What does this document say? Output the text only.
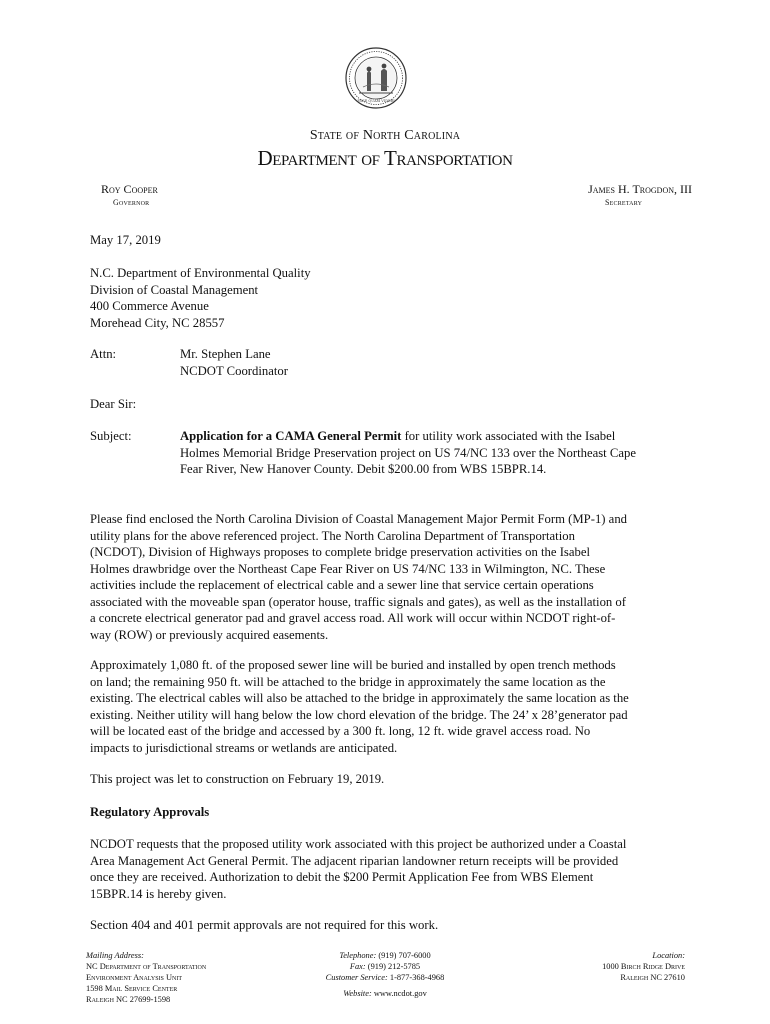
ESSE QUAM VIDERI
State of North Carolina
Department of Transportation
Roy Cooper
Governor
James H. Trogdon, III
Secretary
May 17, 2019
N.C. Department of Environmental Quality
Division of Coastal Management
400 Commerce Avenue
Morehead City, NC 28557
Attn:	Mr. Stephen Lane
NCDOT Coordinator
Dear Sir:
Subject:	Application for a CAMA General Permit for utility work associated with the Isabel
Holmes Memorial Bridge Preservation project on US 74/NC 133 over the Northeast Cape
Fear River, New Hanover County. Debit $200.00 from WBS 15BPR.14.
Please find enclosed the North Carolina Division of Coastal Management Major Permit Form (MP-1) and
utility plans for the above referenced project. The North Carolina Department of Transportation
(NCDOT), Division of Highways proposes to complete bridge preservation activities on the Isabel
Holmes drawbridge over the Northeast Cape Fear River on US 74/NC 133 in Wilmington, NC. These
activities include the replacement of electrical cable and a sewer line that service certain operations
associated with the moveable span (operator house, traffic signals and gates), as well as the installation of
a concrete electrical generator pad and gravel access road. All work will occur within NCDOT right-of-
way (ROW) or previously acquired easements.
Approximately 1,080 ft. of the proposed sewer line will be buried and installed by open trench methods
on land; the remaining 950 ft. will be attached to the bridge in approximately the same location as the
existing. The electrical cables will also be attached to the bridge in approximately the same location as the
existing. Neither utility will hang below the low chord elevation of the bridge. The 24’ x 28’generator pad
will be located east of the bridge and accessed by a 300 ft. long, 12 ft. wide gravel access road. No
impacts to jurisdictional streams or wetlands are anticipated.
This project was let to construction on February 19, 2019.
Regulatory Approvals
NCDOT requests that the proposed utility work associated with this project be authorized under a Coastal
Area Management Act General Permit. The adjacent riparian landowner return receipts will be provided
once they are received. Authorization to debit the $200 Permit Application Fee from WBS Element
15BPR.14 is hereby given.
Section 404 and 401 permit approvals are not required for this work.
Mailing Address:
NC Department of Transportation
Environment Analysis Unit
1598 Mail Service Center
Raleigh NC 27699-1598
Telephone: (919) 707-6000
Fax: (919) 212-5785
Customer Service: 1-877-368-4968
Website: www.ncdot.gov
Location:
1000 Birch Ridge Drive
Raleigh NC 27610
